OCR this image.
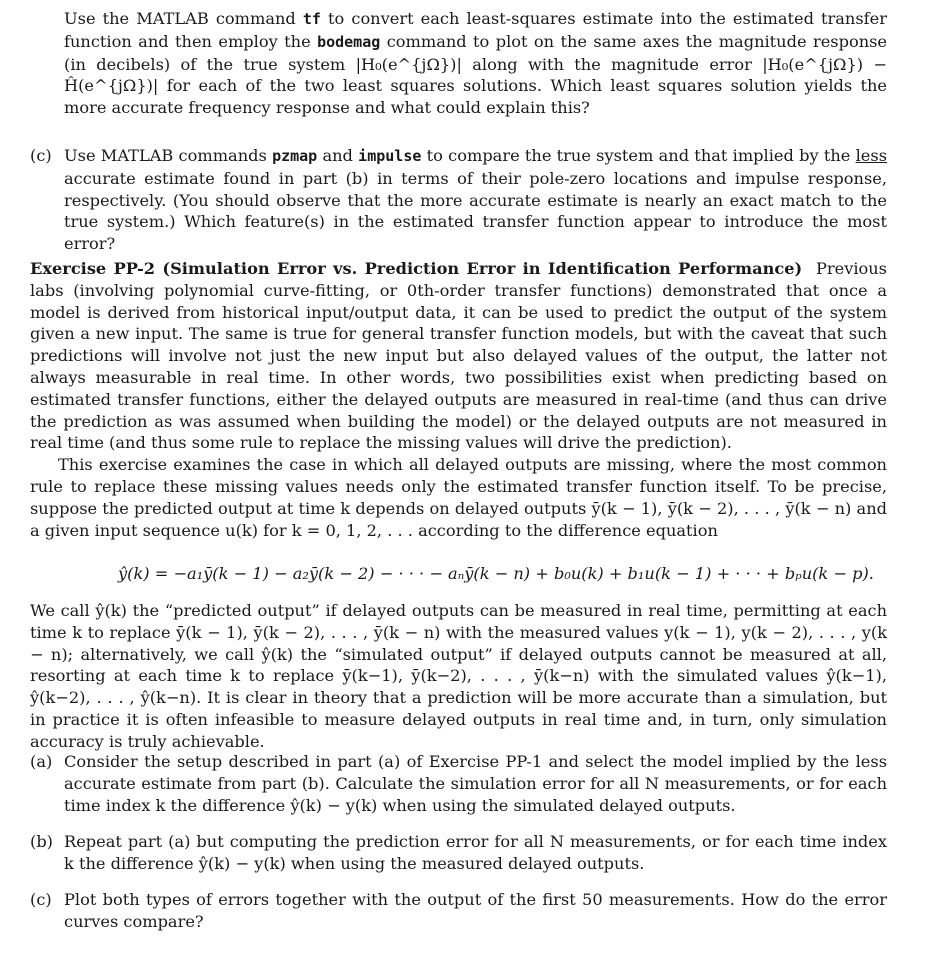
Use the MATLAB command tf to convert each least-squares estimate into the estimated transfer function and then employ the bodemag command to plot on the same axes the magnitude response (in decibels) of the true system |H₀(e^{jΩ})| along with the magnitude error |H₀(e^{jΩ}) − Ĥ(e^{jΩ})| for each of the two least squares solutions. Which least squares solution yields the more accurate frequency response and what could explain this?

(c) Use MATLAB commands pzmap and impulse to compare the true system and that implied by the less accurate estimate found in part (b) in terms of their pole-zero locations and impulse response, respectively. (You should observe that the more accurate estimate is nearly an exact match to the true system.) Which feature(s) in the estimated transfer function appear to introduce the most error?

Exercise PP-2 (Simulation Error vs. Prediction Error in Identification Performance) Previous labs (involving polynomial curve-fitting, or 0th-order transfer functions) demonstrated that once a model is derived from historical input/output data, it can be used to predict the output of the system given a new input. The same is true for general transfer function models, but with the caveat that such predictions will involve not just the new input but also delayed values of the output, the latter not always measurable in real time. In other words, two possibilities exist when predicting based on estimated transfer functions, either the delayed outputs are measured in real-time (and thus can drive the prediction as was assumed when building the model) or the delayed outputs are not measured in real time (and thus some rule to replace the missing values will drive the prediction).

This exercise examines the case in which all delayed outputs are missing, where the most common rule to replace these missing values needs only the estimated transfer function itself. To be precise, suppose the predicted output at time k depends on delayed outputs ȳ(k − 1), ȳ(k − 2), . . . , ȳ(k − n) and a given input sequence u(k) for k = 0, 1, 2, . . . according to the difference equation

ŷ(k) = −a₁ȳ(k − 1) − a₂ȳ(k − 2) − · · · − aₙȳ(k − n) + b₀u(k) + b₁u(k − 1) + · · · + bₚu(k − p).

We call ŷ(k) the “predicted output” if delayed outputs can be measured in real time, permitting at each time k to replace ȳ(k − 1), ȳ(k − 2), . . . , ȳ(k − n) with the measured values y(k − 1), y(k − 2), . . . , y(k − n); alternatively, we call ŷ(k) the “simulated output” if delayed outputs cannot be measured at all, resorting at each time k to replace ȳ(k−1), ȳ(k−2), . . . , ȳ(k−n) with the simulated values ŷ(k−1), ŷ(k−2), . . . , ŷ(k−n). It is clear in theory that a prediction will be more accurate than a simulation, but in practice it is often infeasible to measure delayed outputs in real time and, in turn, only simulation accuracy is truly achievable.

(a) Consider the setup described in part (a) of Exercise PP-1 and select the model implied by the less accurate estimate from part (b). Calculate the simulation error for all N measurements, or for each time index k the difference ŷ(k) − y(k) when using the simulated delayed outputs.

(b) Repeat part (a) but computing the prediction error for all N measurements, or for each time index k the difference ŷ(k) − y(k) when using the measured delayed outputs.

(c) Plot both types of errors together with the output of the first 50 measurements. How do the error curves compare?
